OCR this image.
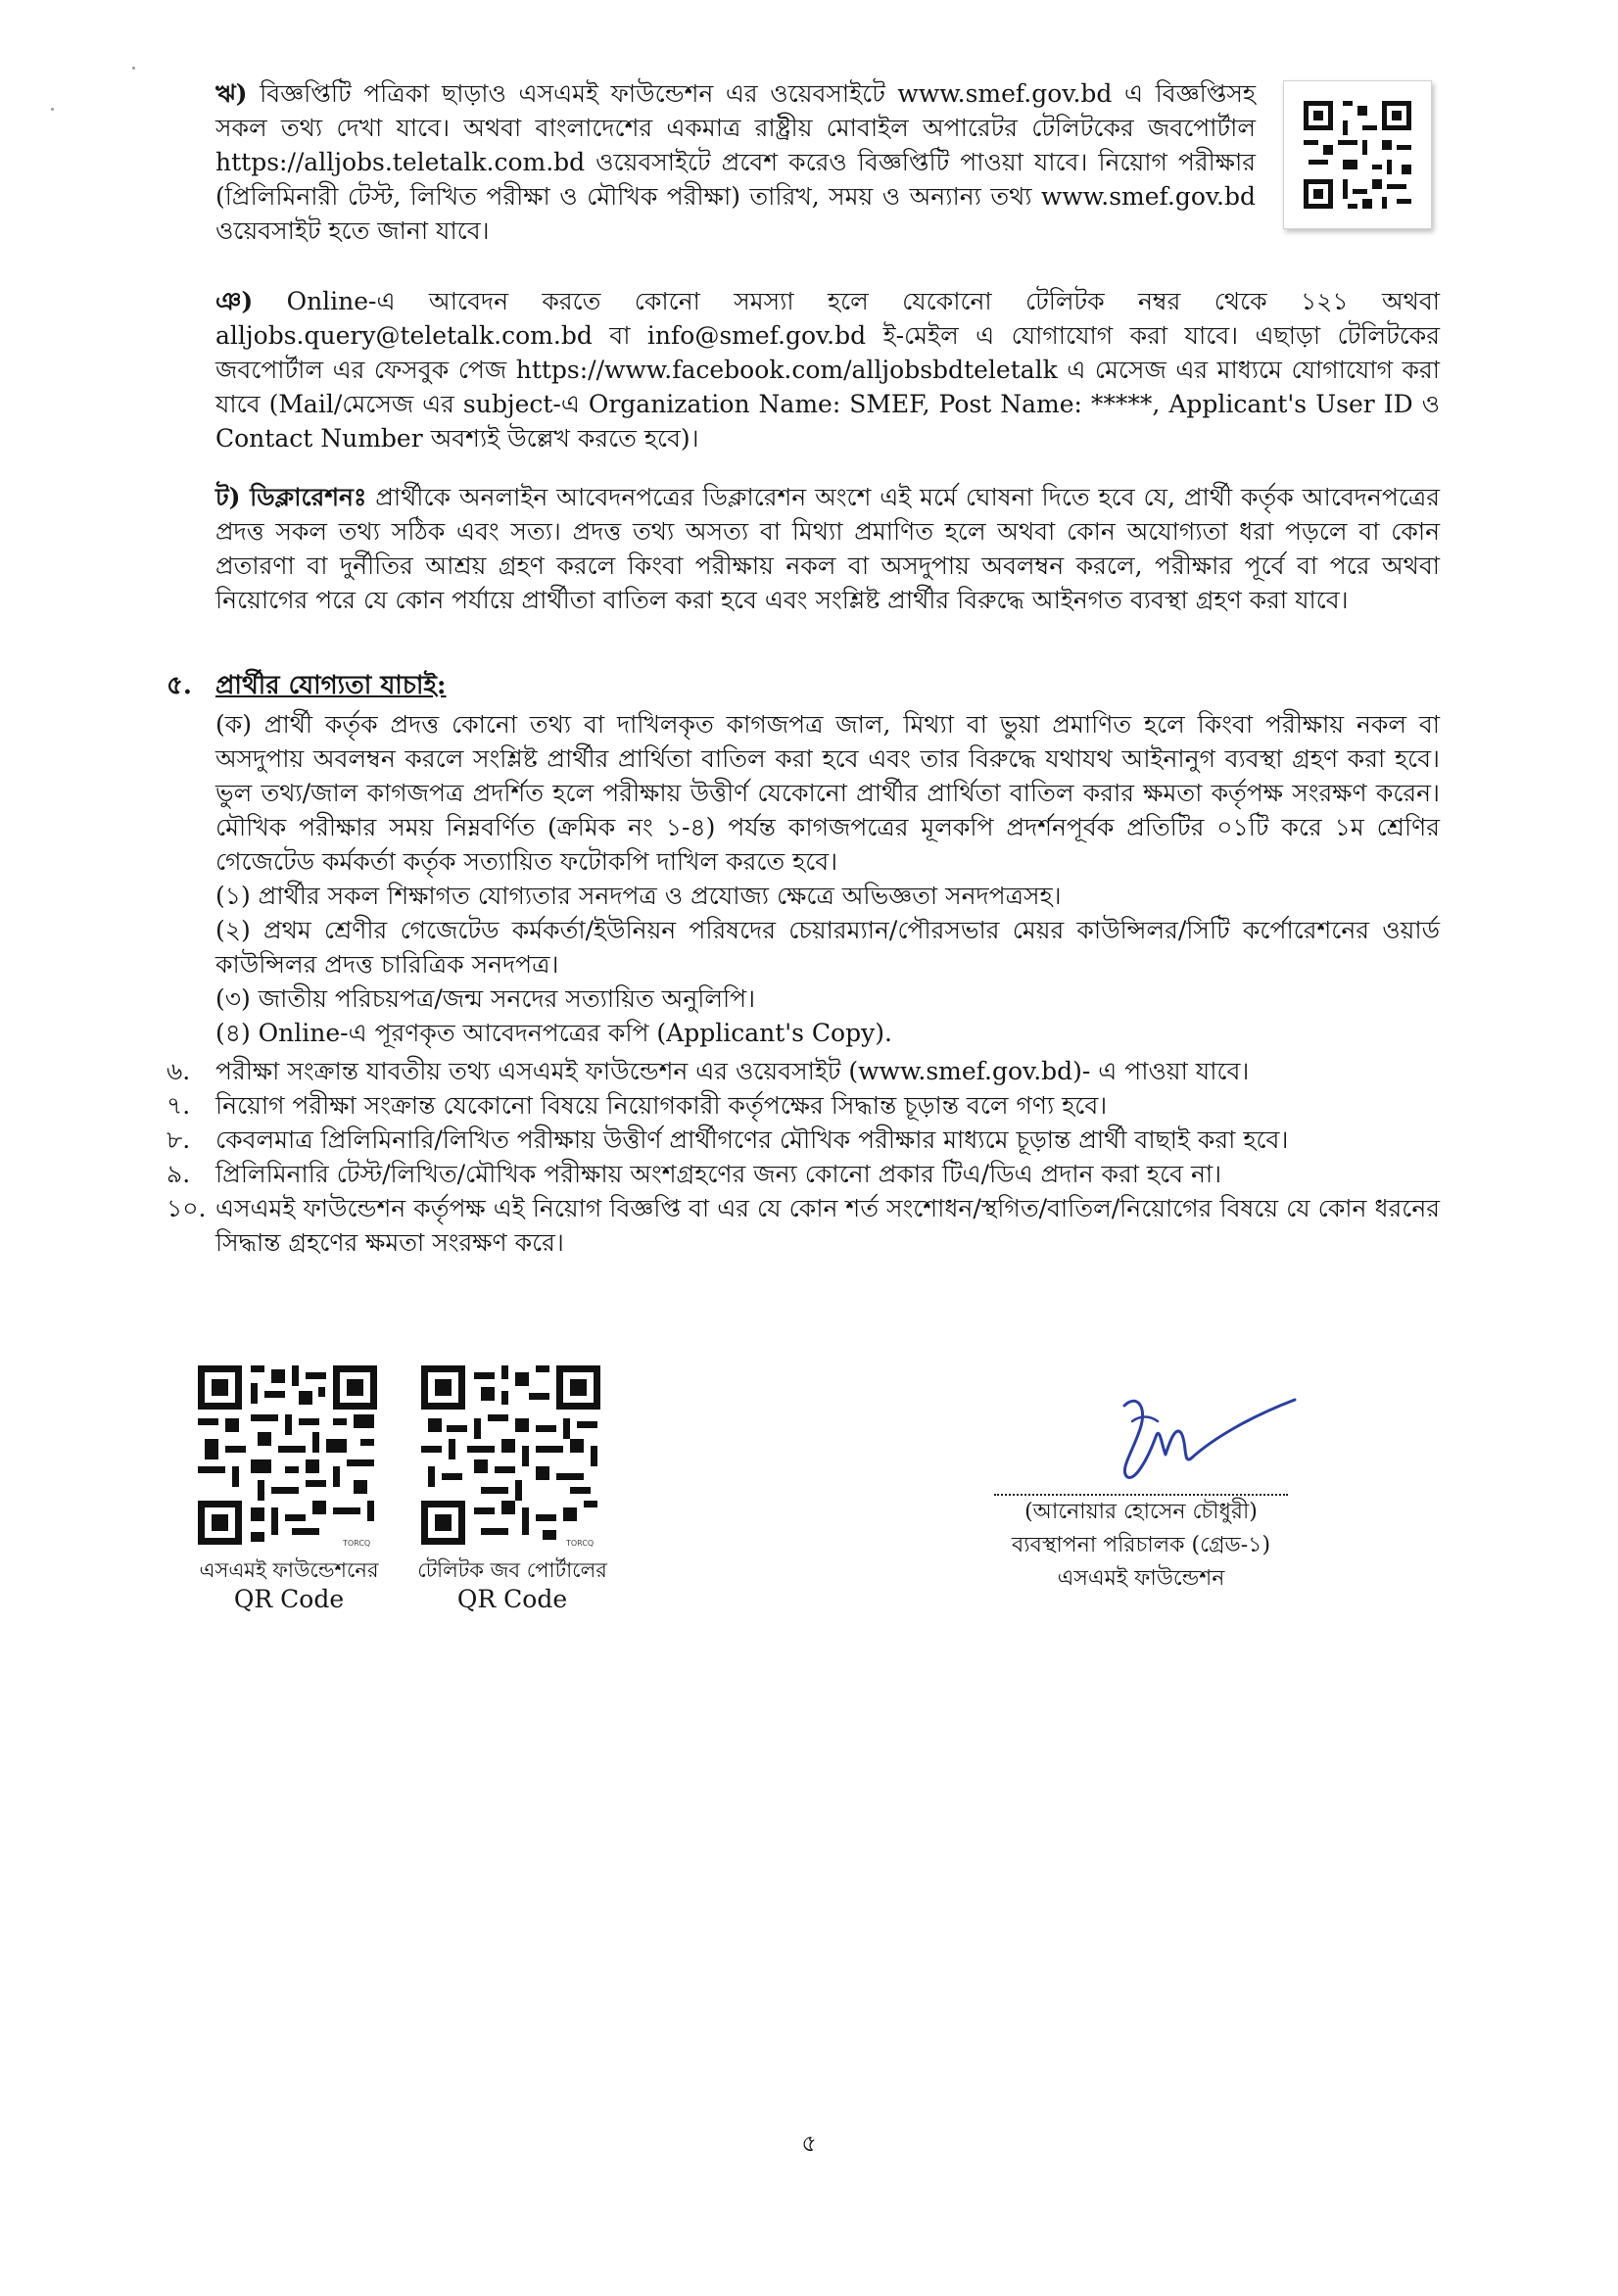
ঋ) বিজ্ঞপ্তিটি পত্রিকা ছাড়াও এসএমই ফাউন্ডেশন এর ওয়েবসাইটে www.smef.gov.bd এ বিজ্ঞপ্তিসহ সকল তথ্য দেখা যাবে। অথবা বাংলাদেশের একমাত্র রাষ্ট্রীয় মোবাইল অপারেটর টেলিটকের জবপোর্টাল https://alljobs.teletalk.com.bd ওয়েবসাইটে প্রবেশ করেও বিজ্ঞপ্তিটি পাওয়া যাবে। নিয়োগ পরীক্ষার (প্রিলিমিনারী টেস্ট, লিখিত পরীক্ষা ও মৌখিক পরীক্ষা) তারিখ, সময় ও অন্যান্য তথ্য www.smef.gov.bd ওয়েবসাইট হতে জানা যাবে।

ঞ) Online-এ আবেদন করতে কোনো সমস্যা হলে যেকোনো টেলিটক নম্বর থেকে ১২১ অথবা alljobs.query@teletalk.com.bd বা info@smef.gov.bd ই-মেইল এ যোগাযোগ করা যাবে। এছাড়া টেলিটকের জবপোর্টাল এর ফেসবুক পেজ https://www.facebook.com/alljobsbdteletalk এ মেসেজ এর মাধ্যমে যোগাযোগ করা যাবে (Mail/মেসেজ এর subject-এ Organization Name: SMEF, Post Name: *****, Applicant's User ID ও Contact Number অবশ্যই উল্লেখ করতে হবে)।

ট) ডিক্লারেশনঃ প্রার্থীকে অনলাইন আবেদনপত্রের ডিক্লারেশন অংশে এই মর্মে ঘোষনা দিতে হবে যে, প্রার্থী কর্তৃক আবেদনপত্রের প্রদত্ত সকল তথ্য সঠিক এবং সত্য। প্রদত্ত তথ্য অসত্য বা মিথ্যা প্রমাণিত হলে অথবা কোন অযোগ্যতা ধরা পড়লে বা কোন প্রতারণা বা দুর্নীতির আশ্রয় গ্রহণ করলে কিংবা পরীক্ষায় নকল বা অসদুপায় অবলম্বন করলে, পরীক্ষার পূর্বে বা পরে অথবা নিয়োগের পরে যে কোন পর্যায়ে প্রার্থীতা বাতিল করা হবে এবং সংশ্লিষ্ট প্রার্থীর বিরুদ্ধে আইনগত ব্যবস্থা গ্রহণ করা যাবে।

৫. প্রার্থীর যোগ্যতা যাচাই:

(ক) প্রার্থী কর্তৃক প্রদত্ত কোনো তথ্য বা দাখিলকৃত কাগজপত্র জাল, মিথ্যা বা ভুয়া প্রমাণিত হলে কিংবা পরীক্ষায় নকল বা অসদুপায় অবলম্বন করলে সংশ্লিষ্ট প্রার্থীর প্রার্থিতা বাতিল করা হবে এবং তার বিরুদ্ধে যথাযথ আইনানুগ ব্যবস্থা গ্রহণ করা হবে। ভুল তথ্য/জাল কাগজপত্র প্রদর্শিত হলে পরীক্ষায় উত্তীর্ণ যেকোনো প্রার্থীর প্রার্থিতা বাতিল করার ক্ষমতা কর্তৃপক্ষ সংরক্ষণ করেন। মৌখিক পরীক্ষার সময় নিম্নবর্ণিত (ক্রমিক নং ১-৪) পর্যন্ত কাগজপত্রের মূলকপি প্রদর্শনপূর্বক প্রতিটির ০১টি করে ১ম শ্রেণির গেজেটেড কর্মকর্তা কর্তৃক সত্যায়িত ফটোকপি দাখিল করতে হবে।

(১) প্রার্থীর সকল শিক্ষাগত যোগ্যতার সনদপত্র ও প্রযোজ্য ক্ষেত্রে অভিজ্ঞতা সনদপত্রসহ।

(২) প্রথম শ্রেণীর গেজেটেড কর্মকর্তা/ইউনিয়ন পরিষদের চেয়ারম্যান/পৌরসভার মেয়র কাউন্সিলর/সিটি কর্পোরেশনের ওয়ার্ড কাউন্সিলর প্রদত্ত চারিত্রিক সনদপত্র।

(৩) জাতীয় পরিচয়পত্র/জন্ম সনদের সত্যায়িত অনুলিপি।

(৪) Online-এ পূরণকৃত আবেদনপত্রের কপি (Applicant's Copy).

৬. পরীক্ষা সংক্রান্ত যাবতীয় তথ্য এসএমই ফাউন্ডেশন এর ওয়েবসাইট (www.smef.gov.bd)- এ পাওয়া যাবে।

৭. নিয়োগ পরীক্ষা সংক্রান্ত যেকোনো বিষয়ে নিয়োগকারী কর্তৃপক্ষের সিদ্ধান্ত চূড়ান্ত বলে গণ্য হবে।

৮. কেবলমাত্র প্রিলিমিনারি/লিখিত পরীক্ষায় উত্তীর্ণ প্রার্থীগণের মৌখিক পরীক্ষার মাধ্যমে চূড়ান্ত প্রার্থী বাছাই করা হবে।

৯. প্রিলিমিনারি টেস্ট/লিখিত/মৌখিক পরীক্ষায় অংশগ্রহণের জন্য কোনো প্রকার টিএ/ডিএ প্রদান করা হবে না।

১০. এসএমই ফাউন্ডেশন কর্তৃপক্ষ এই নিয়োগ বিজ্ঞপ্তি বা এর যে কোন শর্ত সংশোধন/স্থগিত/বাতিল/নিয়োগের বিষয়ে যে কোন ধরনের সিদ্ধান্ত গ্রহণের ক্ষমতা সংরক্ষণ করে।

TORCQ
এসএমই ফাউন্ডেশনের
QR Code
TORCQ
টেলিটক জব পোর্টালের
QR Code
(আনোয়ার হোসেন চৌধুরী)
ব্যবস্থাপনা পরিচালক (গ্রেড-১)
এসএমই ফাউন্ডেশন
৫
